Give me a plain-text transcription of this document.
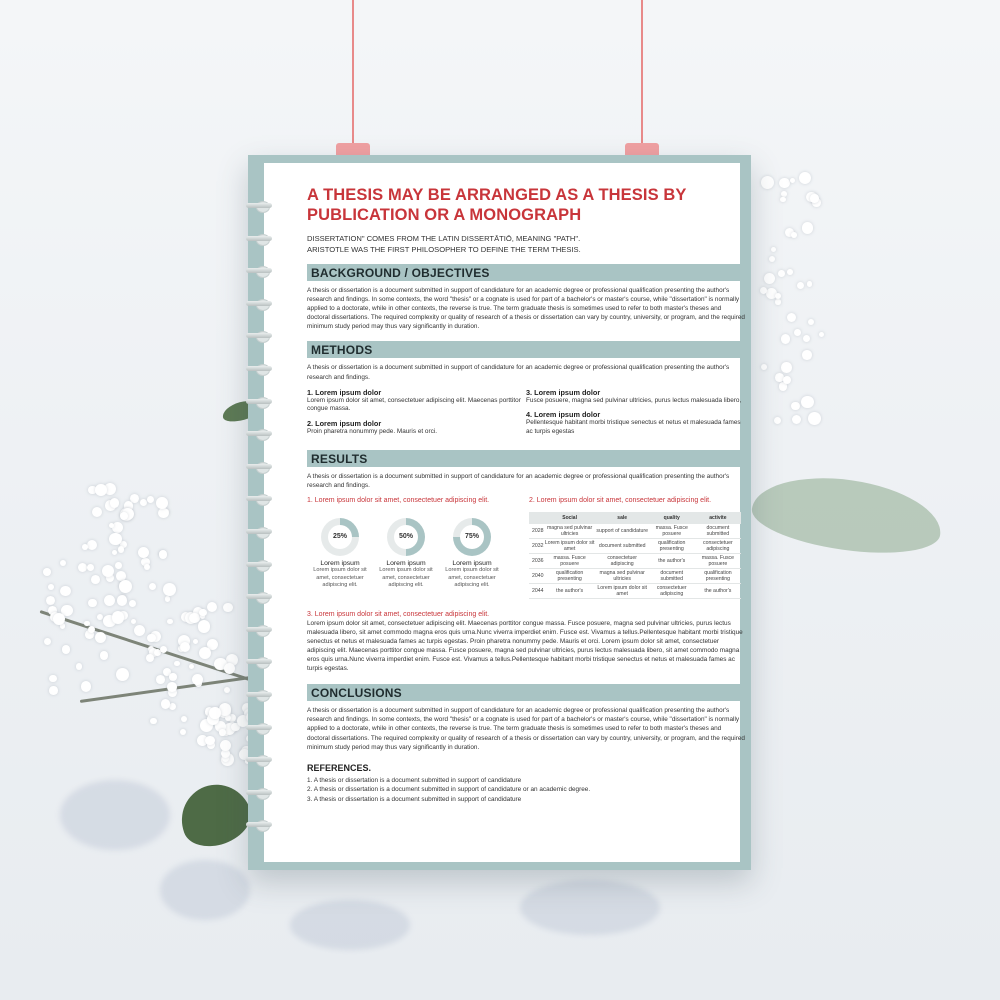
A THESIS MAY BE ARRANGED AS A THESIS BY PUBLICATION OR A MONOGRAPH
DISSERTATION" COMES FROM THE LATIN DISSERTĀTIŌ, MEANING "PATH".
ARISTOTLE WAS THE FIRST PHILOSOPHER TO DEFINE THE TERM THESIS.
BACKGROUND / OBJECTIVES
A thesis or dissertation is a document submitted in support of candidature for an academic degree or professional qualification presenting the author's research and findings. In some contexts, the word "thesis" or a cognate is used for part of a bachelor's or master's course, while "dissertation" is normally applied to a doctorate, while in other contexts, the reverse is true. The term graduate thesis is sometimes used to refer to both master's theses and doctoral dissertations. The required complexity or quality of research of a thesis or dissertation can vary by country, university, or program, and the required minimum study period may thus vary significantly in duration.
METHODS
A thesis or dissertation is a document submitted in support of candidature for an academic degree or professional qualification presenting the author's research and findings.
1. Lorem ipsum dolor
Lorem ipsum dolor sit amet, consectetuer adipiscing elit. Maecenas porttitor congue massa.
2. Lorem ipsum dolor
Proin pharetra nonummy pede. Mauris et orci.
3. Lorem ipsum dolor
Fusce posuere, magna sed pulvinar ultricies, purus lectus malesuada libero,
4. Lorem ipsum dolor
Pellentesque habitant morbi tristique senectus et netus et malesuada fames ac turpis egestas
RESULTS
A thesis or dissertation is a document submitted in support of candidature for an academic degree or professional qualification presenting the author's research and findings.
1. Lorem ipsum dolor sit amet, consectetuer adipiscing elit.
25%
Lorem ipsum
Lorem ipsum dolor sit amet, consectetuer adipiscing elit.
50%
Lorem ipsum
Lorem ipsum dolor sit amet, consectetuer adipiscing elit.
75%
Lorem ipsum
Lorem ipsum dolor sit amet, consectetuer adipiscing elit.
2. Lorem ipsum dolor sit amet, consectetuer adipiscing elit.
	Social	sale	quality	activite
2028	magna sed pulvinar ultricies	support of candidature	massa. Fusce posuere	document submitted
2032	Lorem ipsum dolor sit amet	document submitted	qualification presenting	consectetuer adipiscing
2036	massa. Fusce posuere	consectetuer adipiscing	the author's	massa. Fusce posuere
2040	qualification presenting	magna sed pulvinar ultricies	document submitted	qualification presenting
2044	the author's	Lorem ipsum dolor sit amet	consectetuer adipiscing	the author's
3. Lorem ipsum dolor sit amet, consectetuer adipiscing elit.
Lorem ipsum dolor sit amet, consectetuer adipiscing elit. Maecenas porttitor congue massa. Fusce posuere, magna sed pulvinar ultricies, purus lectus malesuada libero, sit amet commodo magna eros quis urna.Nunc viverra imperdiet enim. Fusce est. Vivamus a tellus.Pellentesque habitant morbi tristique senectus et netus et malesuada fames ac turpis egestas. Proin pharetra nonummy pede. Mauris et orci. Lorem ipsum dolor sit amet, consectetuer adipiscing elit. Maecenas porttitor congue massa. Fusce posuere, magna sed pulvinar ultricies, purus lectus malesuada libero, sit amet commodo magna eros quis urna.Nunc viverra imperdiet enim. Fusce est. Vivamus a tellus.Pellentesque habitant morbi tristique senectus et netus et malesuada fames ac turpis egestas.
CONCLUSIONS
A thesis or dissertation is a document submitted in support of candidature for an academic degree or professional qualification presenting the author's research and findings. In some contexts, the word "thesis" or a cognate is used for part of a bachelor's or master's course, while "dissertation" is normally applied to a doctorate, while in other contexts, the reverse is true. The term graduate thesis is sometimes used to refer to both master's theses and doctoral dissertations. The required complexity or quality of research of a thesis or dissertation can vary by country, university, or program, and the required minimum study period may thus vary significantly in duration.
REFERENCES.
1. A thesis or dissertation is a document submitted in support of candidature
2. A thesis or dissertation is a document submitted in support of candidature or an academic degree.
3. A thesis or dissertation is a document submitted in support of candidature
